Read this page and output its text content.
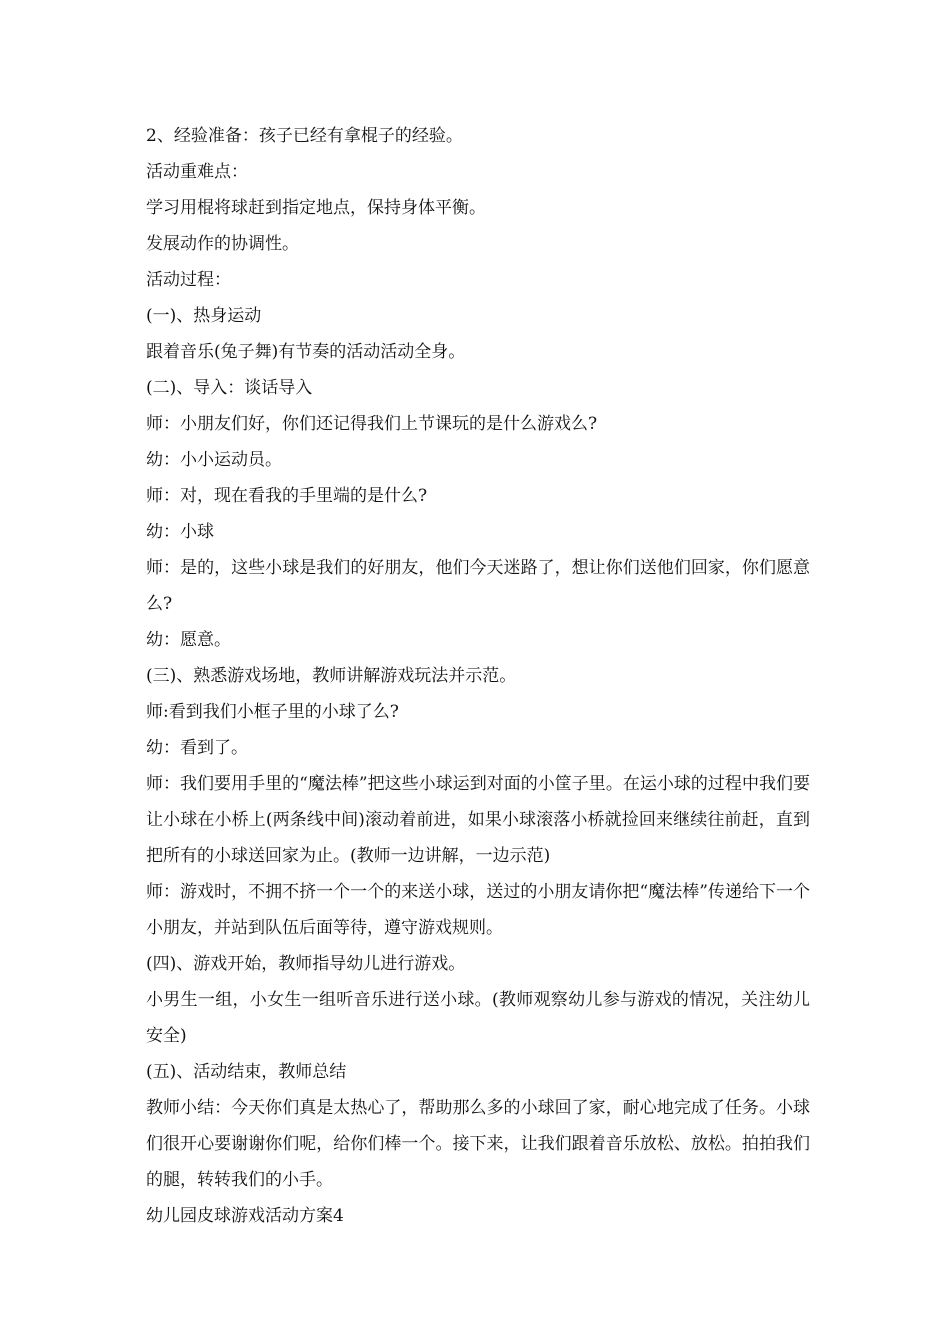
2、经验准备：孩子已经有拿棍子的经验。

活动重难点：

学习用棍将球赶到指定地点，保持身体平衡。

发展动作的协调性。

活动过程：

(一)、热身运动

跟着音乐(兔子舞)有节奏的活动活动全身。

(二)、导入：谈话导入

师：小朋友们好，你们还记得我们上节课玩的是什么游戏么?

幼：小小运动员。

师：对，现在看我的手里端的是什么?

幼：小球

师：是的，这些小球是我们的好朋友，他们今天迷路了，想让你们送他们回家，你们愿意么?

幼：愿意。

(三)、熟悉游戏场地，教师讲解游戏玩法并示范。

师:看到我们小框子里的小球了么?

幼：看到了。

师：我们要用手里的“魔法棒”把这些小球运到对面的小筐子里。在运小球的过程中我们要让小球在小桥上(两条线中间)滚动着前进，如果小球滚落小桥就捡回来继续往前赶，直到把所有的小球送回家为止。(教师一边讲解，一边示范)

师：游戏时，不拥不挤一个一个的来送小球，送过的小朋友请你把“魔法棒”传递给下一个小朋友，并站到队伍后面等待，遵守游戏规则。

(四)、游戏开始，教师指导幼儿进行游戏。

小男生一组，小女生一组听音乐进行送小球。(教师观察幼儿参与游戏的情况，关注幼儿安全)

(五)、活动结束，教师总结

教师小结：今天你们真是太热心了，帮助那么多的小球回了家，耐心地完成了任务。小球们很开心要谢谢你们呢，给你们棒一个。接下来，让我们跟着音乐放松、放松。拍拍我们的腿，转转我们的小手。

幼儿园皮球游戏活动方案4
